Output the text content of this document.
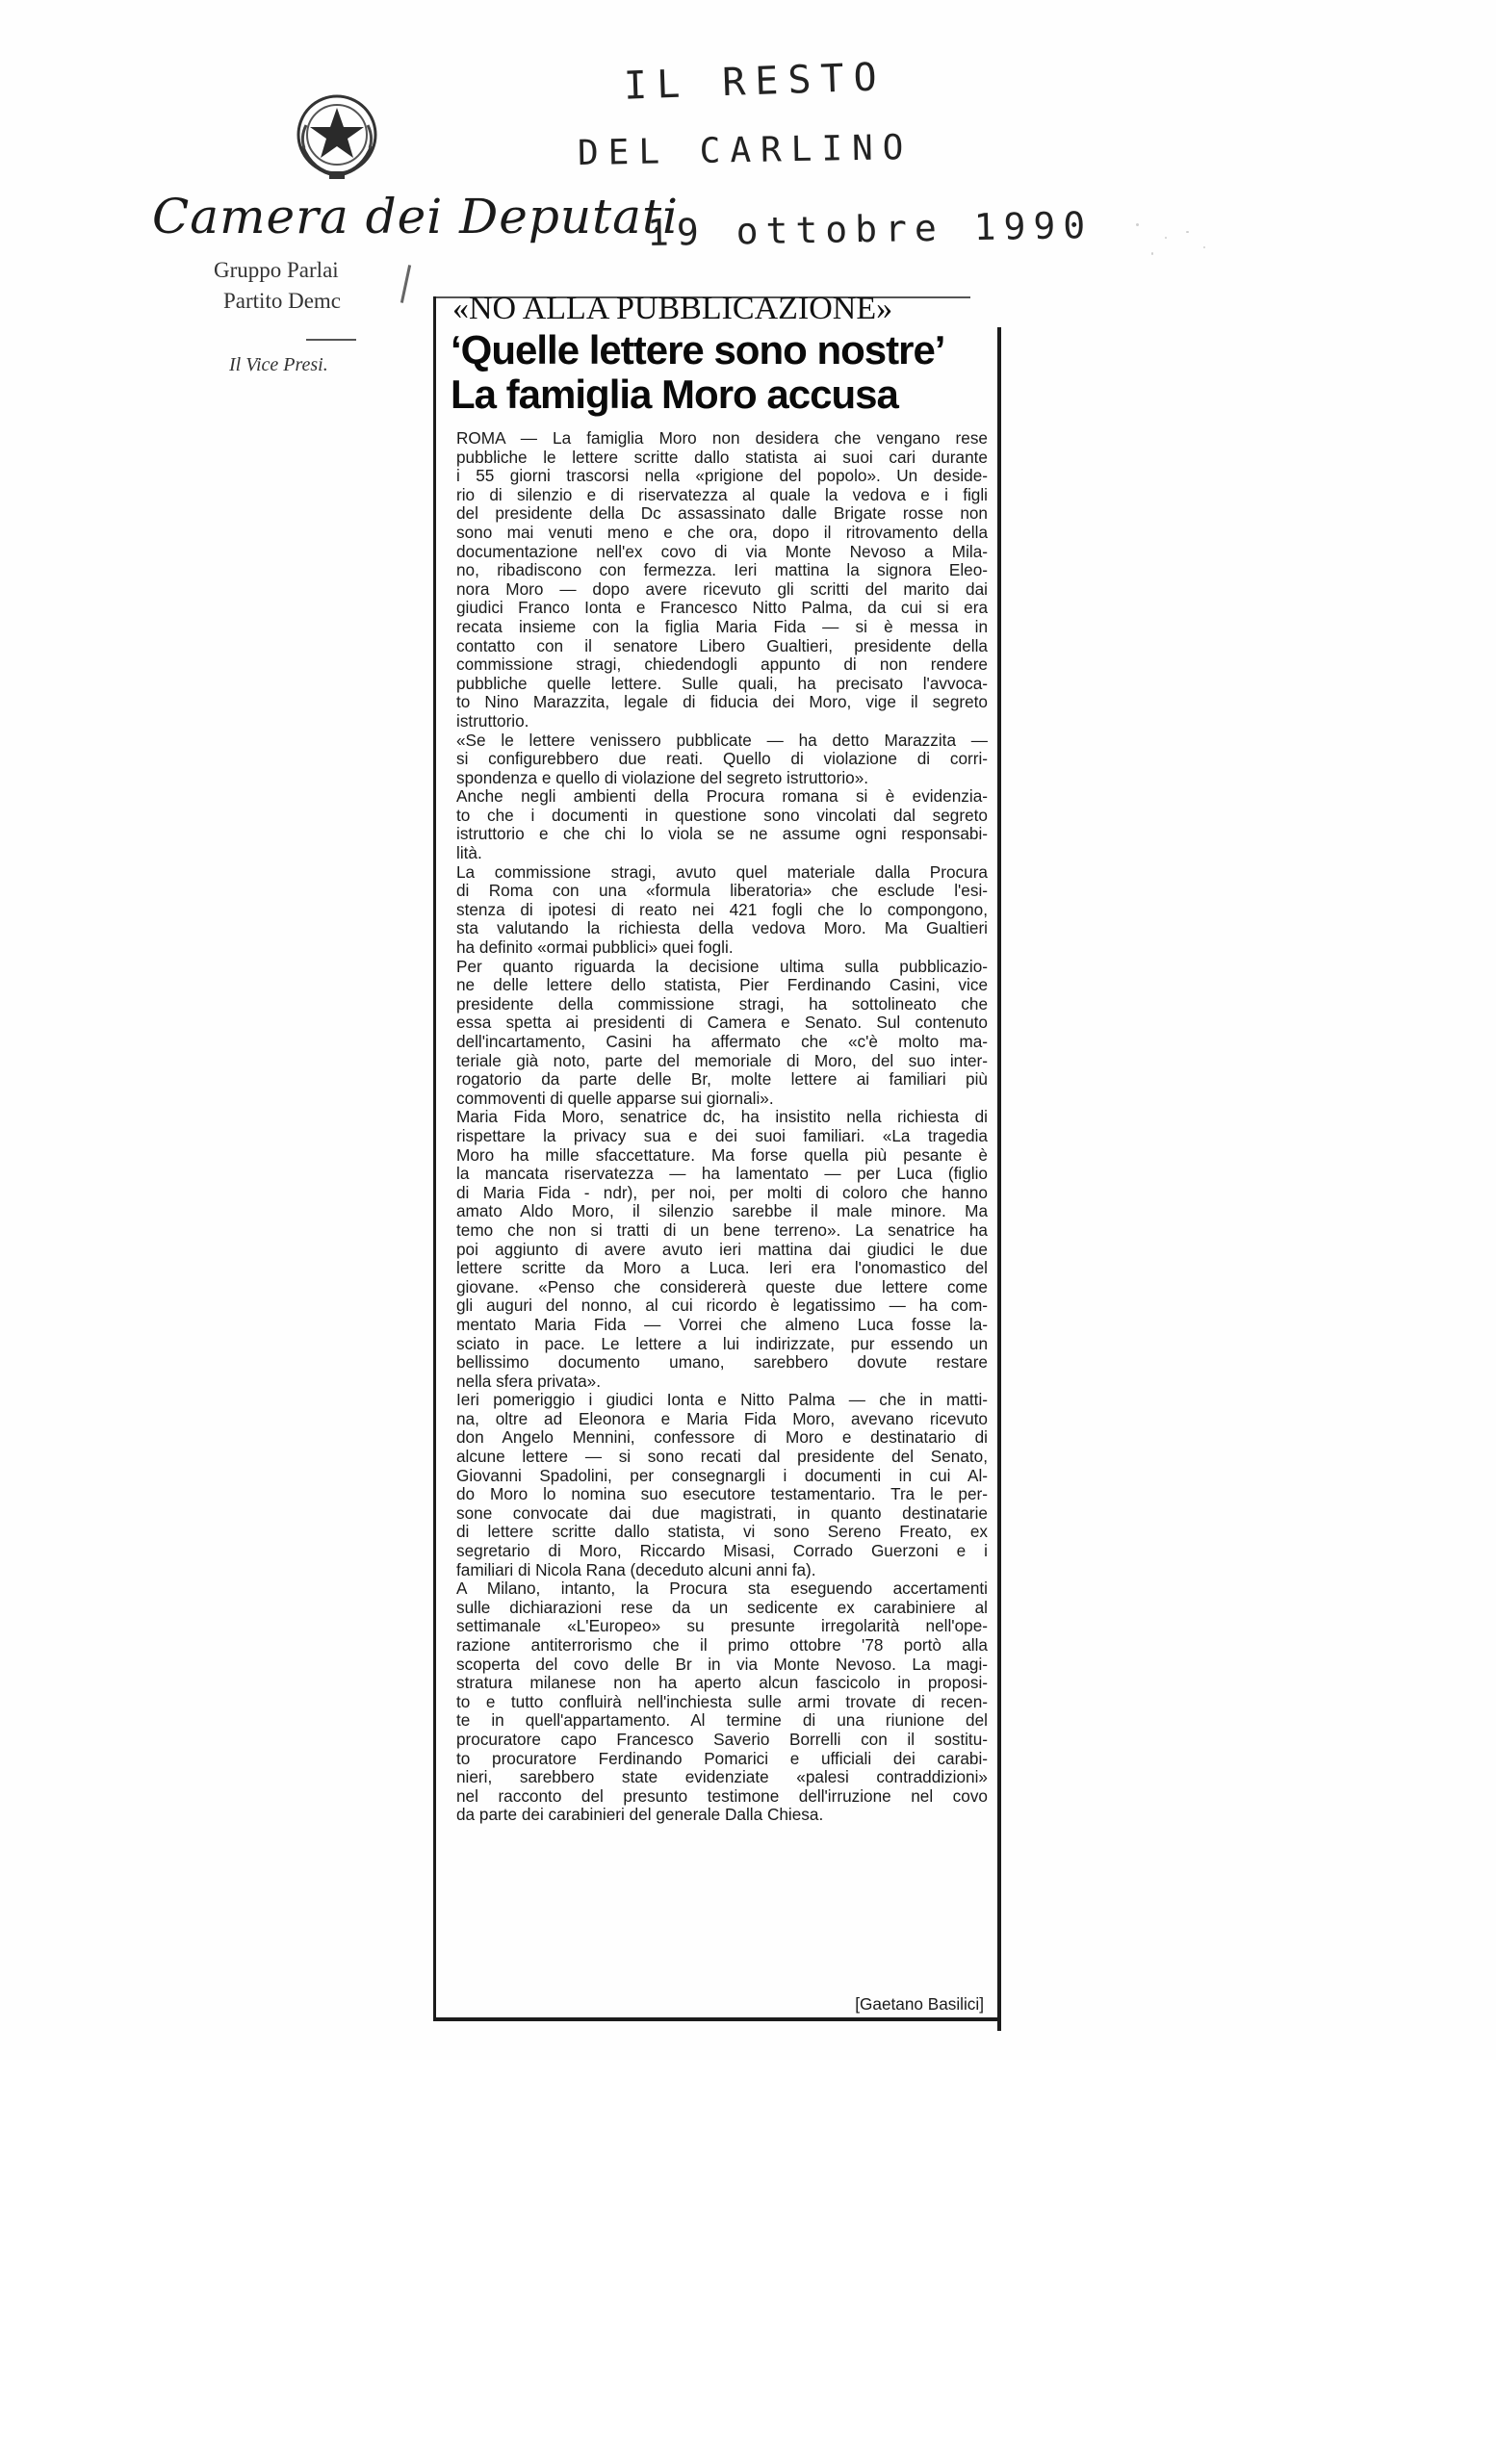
Camera dei Deputati
Gruppo Parlai
Partito Demc
Il Vice Presi.
IL RESTO
DEL CARLINO
19 ottobre 1990
«NO ALLA PUBBLICAZIONE»
‘Quelle lettere sono nostre’
La famiglia Moro accusa
ROMA — La famiglia Moro non desidera che vengano rese
pubbliche le lettere scritte dallo statista ai suoi cari durante
i 55 giorni trascorsi nella «prigione del popolo». Un deside-
rio di silenzio e di riservatezza al quale la vedova e i figli
del presidente della Dc assassinato dalle Brigate rosse non
sono mai venuti meno e che ora, dopo il ritrovamento della
documentazione nell'ex covo di via Monte Nevoso a Mila-
no, ribadiscono con fermezza. Ieri mattina la signora Eleo-
nora Moro — dopo avere ricevuto gli scritti del marito dai
giudici Franco Ionta e Francesco Nitto Palma, da cui si era
recata insieme con la figlia Maria Fida — si è messa in
contatto con il senatore Libero Gualtieri, presidente della
commissione stragi, chiedendogli appunto di non rendere
pubbliche quelle lettere. Sulle quali, ha precisato l'avvoca-
to Nino Marazzita, legale di fiducia dei Moro, vige il segreto
istruttorio.
«Se le lettere venissero pubblicate — ha detto Marazzita —
si configurebbero due reati. Quello di violazione di corri-
spondenza e quello di violazione del segreto istruttorio».
Anche negli ambienti della Procura romana si è evidenzia-
to che i documenti in questione sono vincolati dal segreto
istruttorio e che chi lo viola se ne assume ogni responsabi-
lità.
La commissione stragi, avuto quel materiale dalla Procura
di Roma con una «formula liberatoria» che esclude l'esi-
stenza di ipotesi di reato nei 421 fogli che lo compongono,
sta valutando la richiesta della vedova Moro. Ma Gualtieri
ha definito «ormai pubblici» quei fogli.
Per quanto riguarda la decisione ultima sulla pubblicazio-
ne delle lettere dello statista, Pier Ferdinando Casini, vice
presidente della commissione stragi, ha sottolineato che
essa spetta ai presidenti di Camera e Senato. Sul contenuto
dell'incartamento, Casini ha affermato che «c'è molto ma-
teriale già noto, parte del memoriale di Moro, del suo inter-
rogatorio da parte delle Br, molte lettere ai familiari più
commoventi di quelle apparse sui giornali».
Maria Fida Moro, senatrice dc, ha insistito nella richiesta di
rispettare la privacy sua e dei suoi familiari. «La tragedia
Moro ha mille sfaccettature. Ma forse quella più pesante è
la mancata riservatezza — ha lamentato — per Luca (figlio
di Maria Fida - ndr), per noi, per molti di coloro che hanno
amato Aldo Moro, il silenzio sarebbe il male minore. Ma
temo che non si tratti di un bene terreno». La senatrice ha
poi aggiunto di avere avuto ieri mattina dai giudici le due
lettere scritte da Moro a Luca. Ieri era l'onomastico del
giovane. «Penso che considererà queste due lettere come
gli auguri del nonno, al cui ricordo è legatissimo — ha com-
mentato Maria Fida — Vorrei che almeno Luca fosse la-
sciato in pace. Le lettere a lui indirizzate, pur essendo un
bellissimo documento umano, sarebbero dovute restare
nella sfera privata».
Ieri pomeriggio i giudici Ionta e Nitto Palma — che in matti-
na, oltre ad Eleonora e Maria Fida Moro, avevano ricevuto
don Angelo Mennini, confessore di Moro e destinatario di
alcune lettere — si sono recati dal presidente del Senato,
Giovanni Spadolini, per consegnargli i documenti in cui Al-
do Moro lo nomina suo esecutore testamentario. Tra le per-
sone convocate dai due magistrati, in quanto destinatarie
di lettere scritte dallo statista, vi sono Sereno Freato, ex
segretario di Moro, Riccardo Misasi, Corrado Guerzoni e i
familiari di Nicola Rana (deceduto alcuni anni fa).
A Milano, intanto, la Procura sta eseguendo accertamenti
sulle dichiarazioni rese da un sedicente ex carabiniere al
settimanale «L'Europeo» su presunte irregolarità nell'ope-
razione antiterrorismo che il primo ottobre '78 portò alla
scoperta del covo delle Br in via Monte Nevoso. La magi-
stratura milanese non ha aperto alcun fascicolo in proposi-
to e tutto confluirà nell'inchiesta sulle armi trovate di recen-
te in quell'appartamento. Al termine di una riunione del
procuratore capo Francesco Saverio Borrelli con il sostitu-
to procuratore Ferdinando Pomarici e ufficiali dei carabi-
nieri, sarebbero state evidenziate «palesi contraddizioni»
nel racconto del presunto testimone dell'irruzione nel covo
da parte dei carabinieri del generale Dalla Chiesa.
[Gaetano Basilici]
